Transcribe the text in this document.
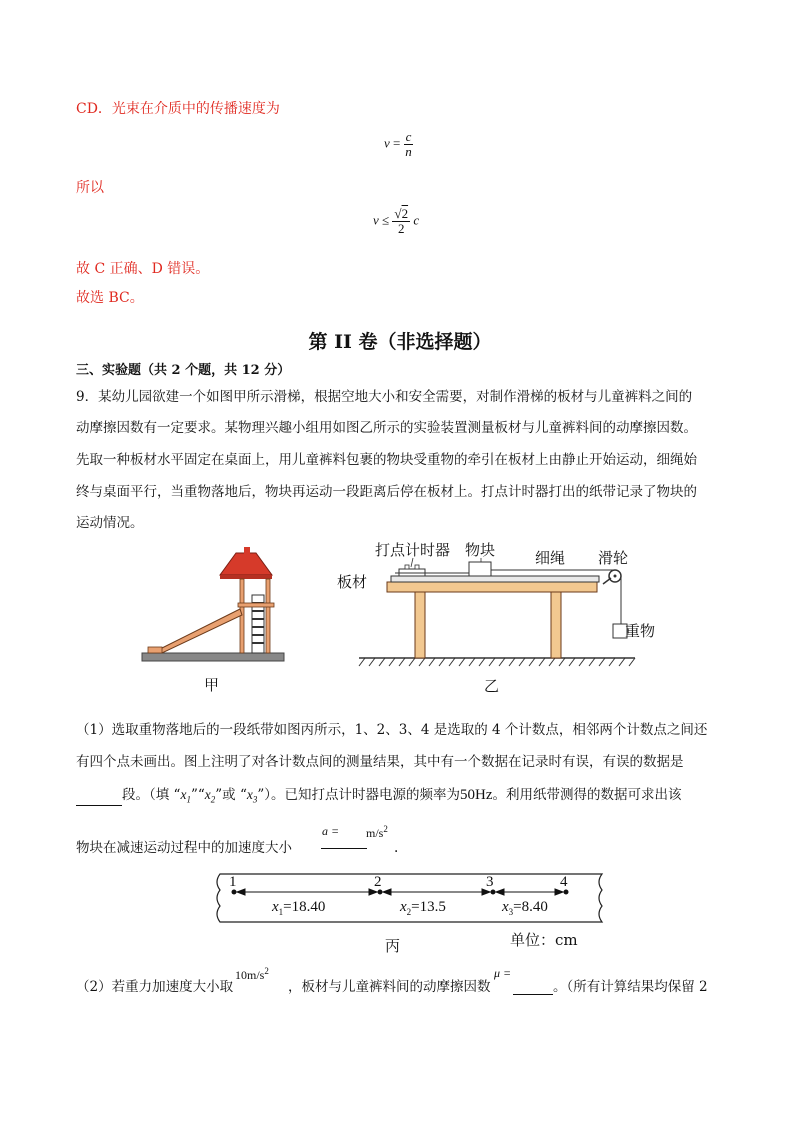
CD．光束在介质中的传播速度为
$v = \frac{c}{n}$
所以
$v \le \frac{√2}{2}$ c
故 C 正确、D 错误。
故选 BC。
第 II 卷（非选择题）
三、实验题（共 2 个题，共 12 分）
9．某幼儿园欲建一个如图甲所示滑梯，根据空地大小和安全需要，对制作滑梯的板材与儿童裤料之间的
动摩擦因数有一定要求。某物理兴趣小组用如图乙所示的实验装置测量板材与儿童裤料间的动摩擦因数。
先取一种板材水平固定在桌面上，用儿童裤料包裹的物块受重物的牵引在板材上由静止开始运动，细绳始
终与桌面平行，当重物落地后，物块再运动一段距离后停在板材上。打点计时器打出的纸带记录了物块的
运动情况。
甲
打点计时器 物块	细绳 滑轮
板材
重物
乙
（1）选取重物落地后的一段纸带如图丙所示，1、2、3、4 是选取的 4 个计数点，相邻两个计数点之间还
有四个点未画出。图上注明了对各计数点间的测量结果，其中有一个数据在记录时有误，有误的数据是
段。（填 “$x_1”“x_2$”或 “$x_3$”）。已知打点计时器电源的频率为50Hz。利用纸带测得的数据可求出该
$a = m/s^2$
物块在减速运动过程中的加速度大小	.
1	2	3	4
$x_1=18.40$	$x_2=13.5$	$x_3=8.40$
丙	单位：cm
$10m/s^2$	μ =
（2）若重力加速度大小取	，板材与儿童裤料间的动摩擦因数	。（所有计算结果均保留 2
